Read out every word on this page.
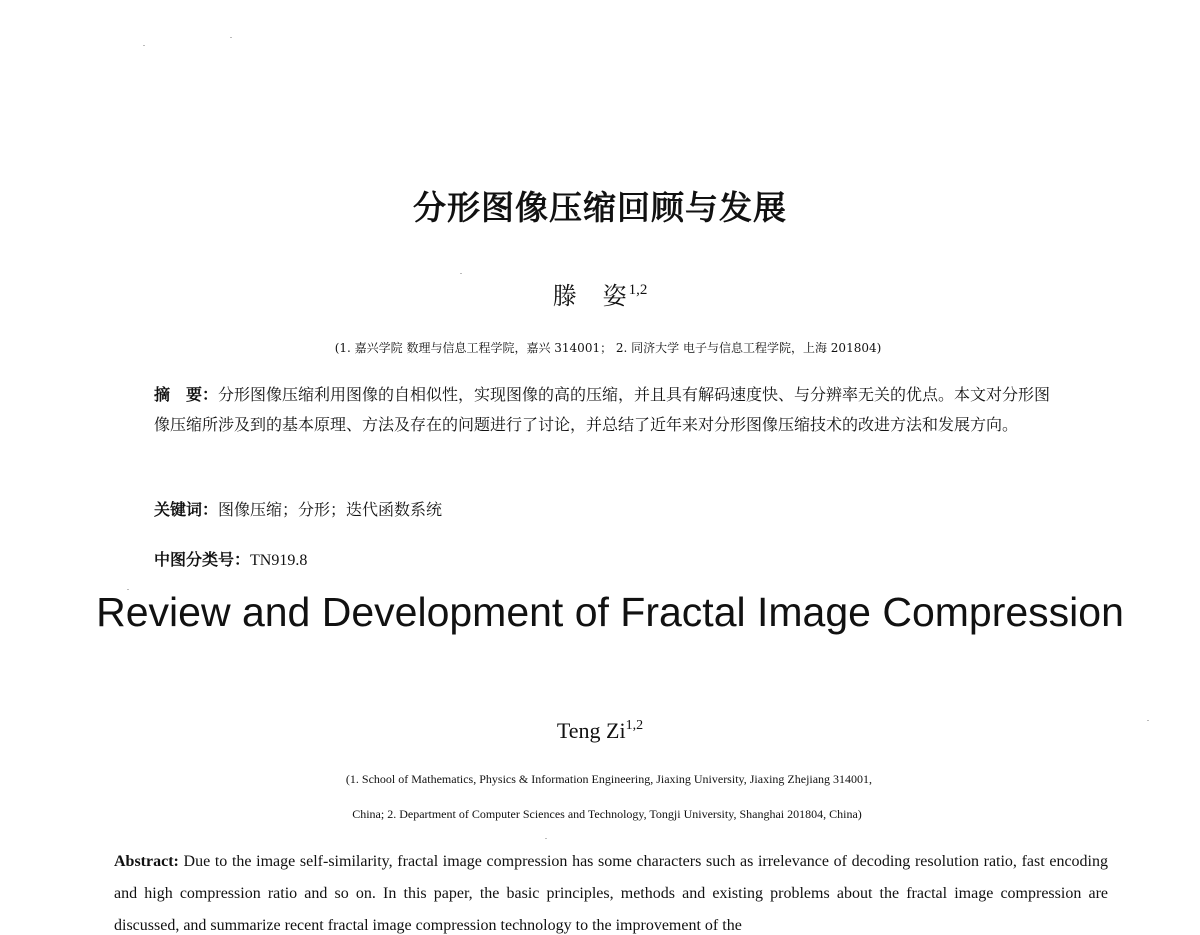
分形图像压缩回顾与发展
滕 姿 $^{1,2}$
(1. 嘉兴学院 数理与信息工程学院，嘉兴 314001； 2. 同济大学 电子与信息工程学院，上海 201804)
摘　要：分形图像压缩利用图像的自相似性，实现图像的高的压缩，并且具有解码速度快、与分辨率无关的优点。本文对分形图像压缩所涉及到的基本原理、方法及存在的问题进行了讨论，并总结了近年来对分形图像压缩技术的改进方法和发展方向。
关键词：图像压缩；分形；迭代函数系统
中图分类号：TN919.8
Review and Development of Fractal Image Compression
Teng Zi$^{1,2}$
(1. School of Mathematics, Physics & Information Engineering, Jiaxing University, Jiaxing Zhejiang 314001,
China; 2. Department of Computer Sciences and Technology, Tongji University, Shanghai 201804, China)
Abstract: Due to the image self-similarity, fractal image compression has some characters such as irrelevance of decoding resolution ratio, fast encoding and high compression ratio and so on. In this paper, the basic principles, methods and existing problems about the fractal image compression are discussed, and summarize recent fractal image compression technology to the improvement of the
